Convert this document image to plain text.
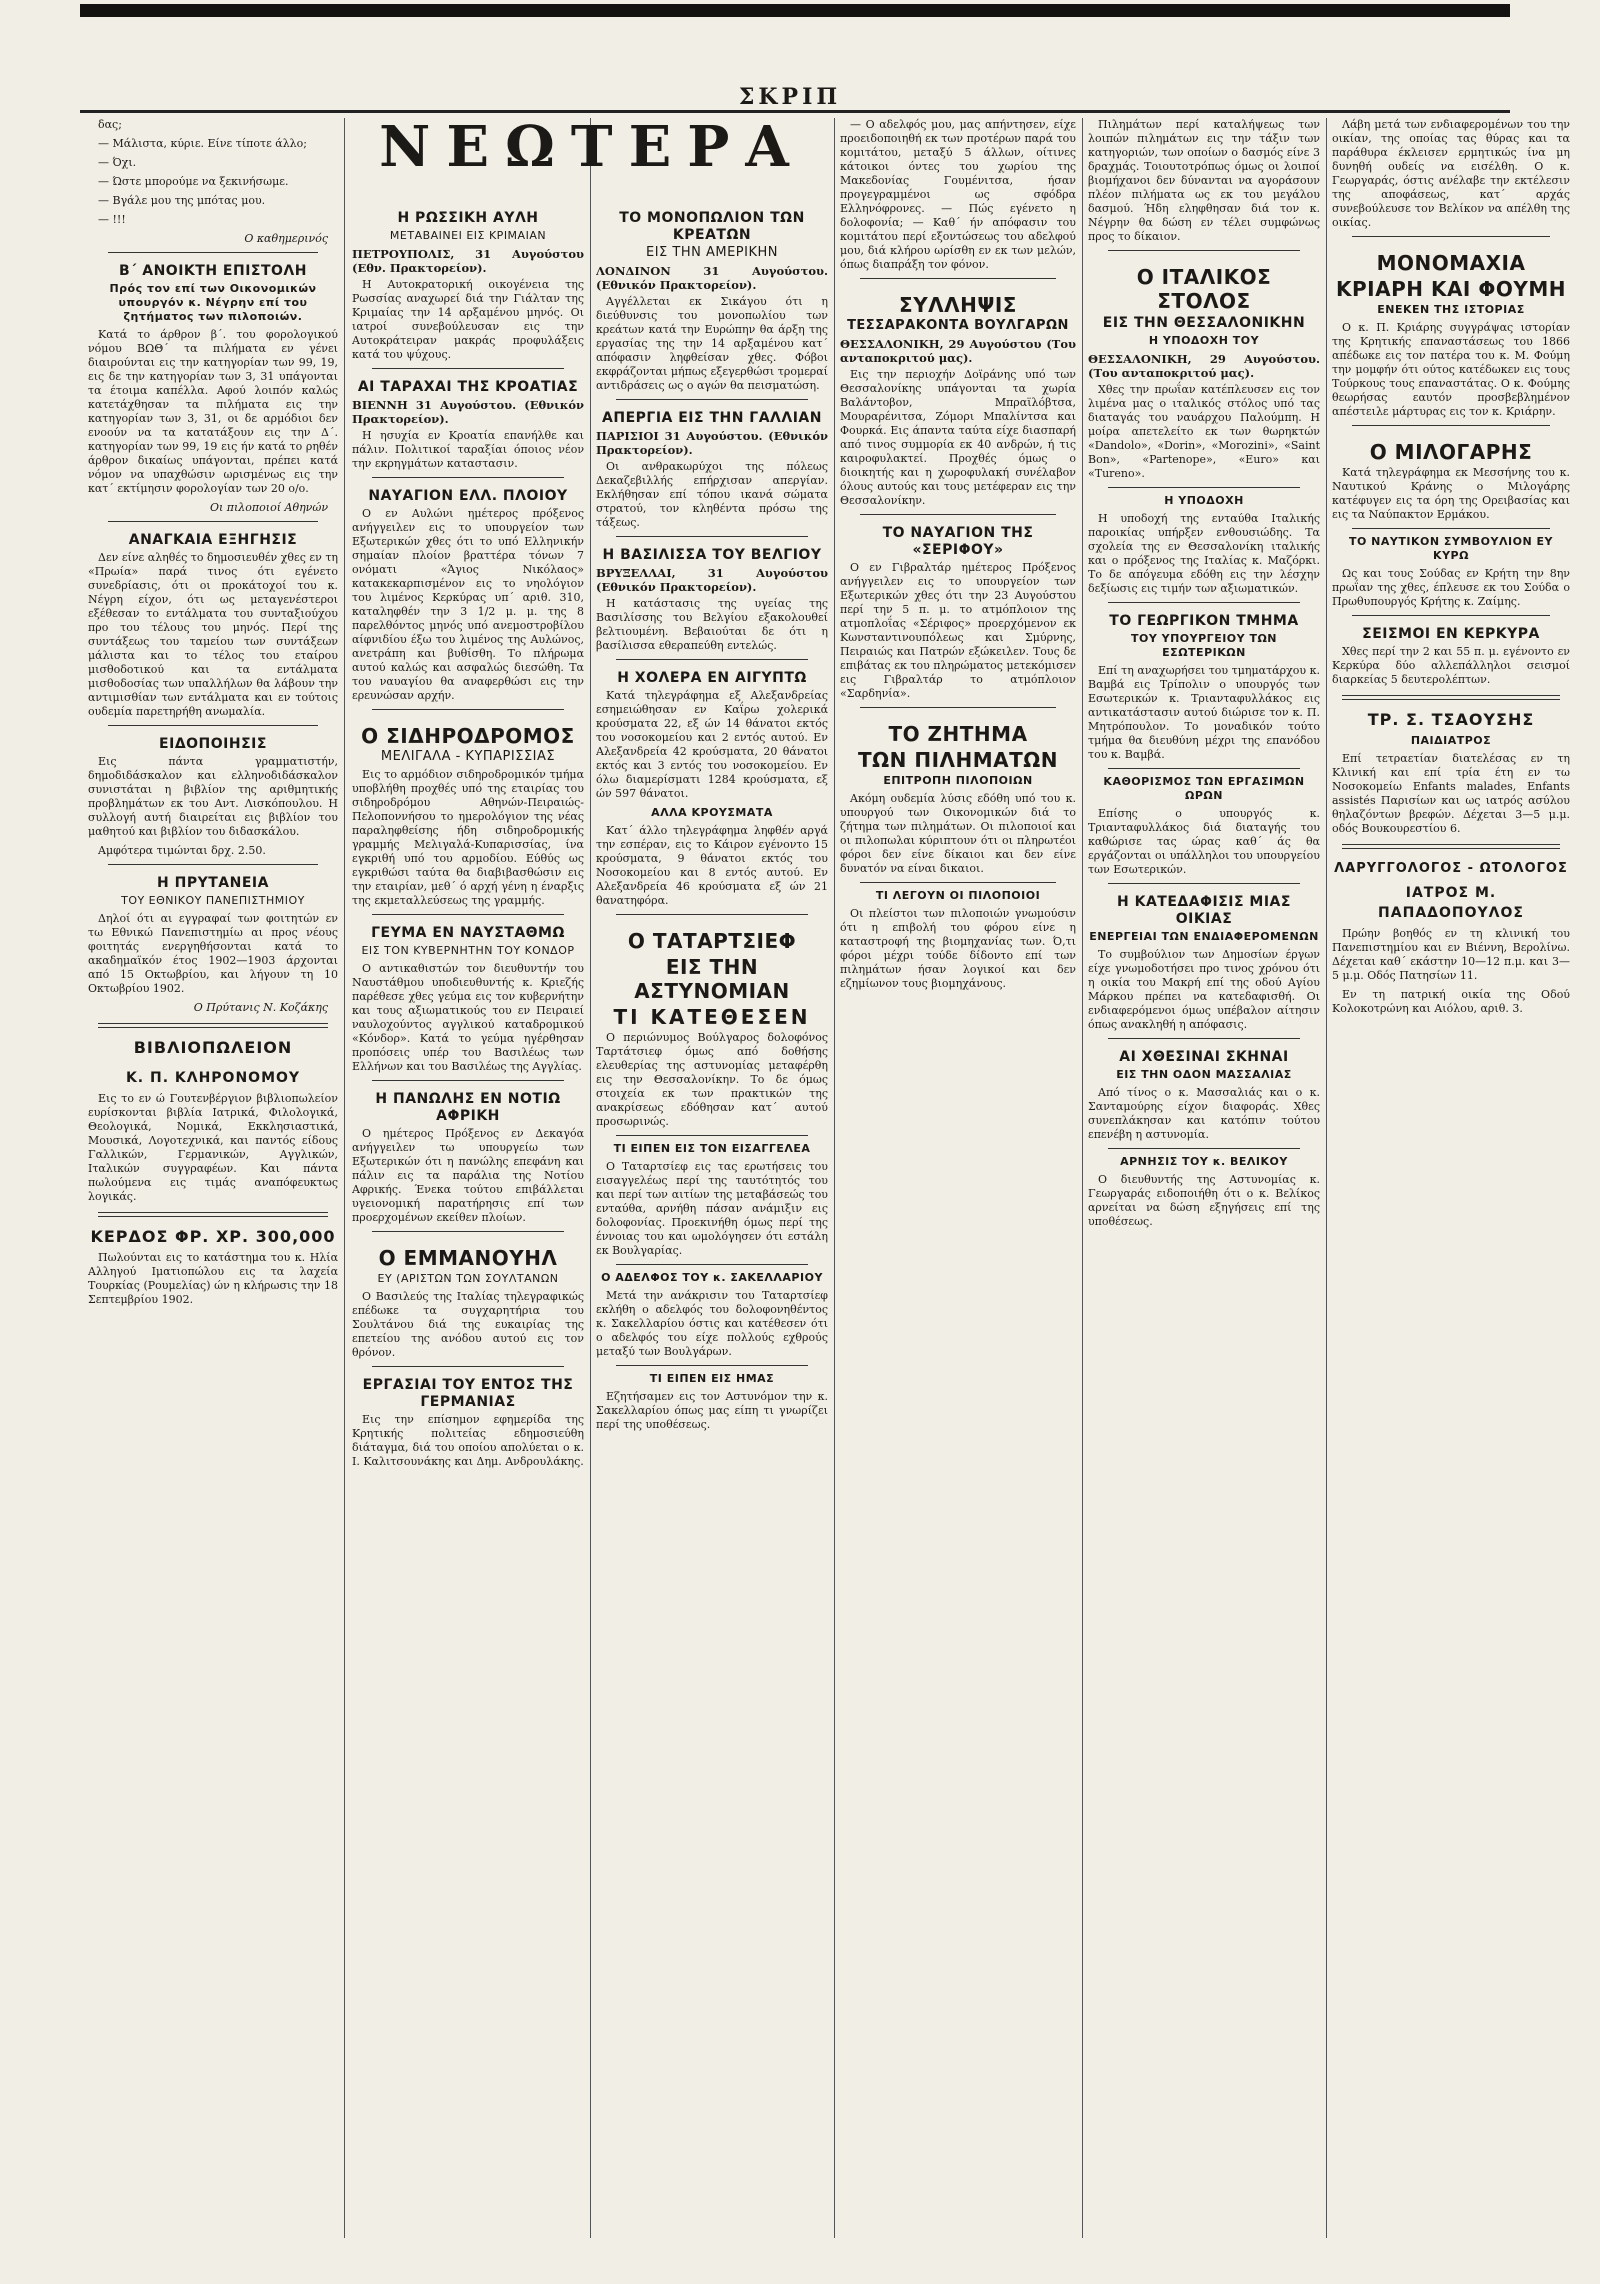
ΣΚΡΙΠ
ΝΕΩΤΕΡΑ

δας;

— Μάλιστα, κύριε. Είνε τίποτε άλλο;

— Όχι.

— Ώστε μπορούμε να ξεκινήσωμε.

— Βγάλε μου της μπότας μου.

— !!!

Ο καθημερινός
Β΄ ΑΝΟΙΚΤΗ ΕΠΙΣΤΟΛΗ
Πρός τον επί των Οικονομικών υπουργόν κ. Νέγρην επί του ζητήματος των πιλοποιών.

Κατά το άρθρον β΄. του φορολογικού νόμου ΒΩΘ΄ τα πιλήματα εν γένει διαιρούνται εις την κατηγορίαν των 99, 19, εις δε την κατηγορίαν των 3, 31 υπάγονται τα έτοιμα καπέλλα. Αφού λοιπόν καλώς κατετάχθησαν τα πιλήματα εις την κατηγορίαν των 3, 31, οι δε αρμόδιοι δεν ενοούν να τα κατατάξουν εις την Δ΄. κατηγορίαν των 99, 19 εις ήν κατά το ρηθέν άρθρον δικαίως υπάγονται, πρέπει κατά νόμον να υπαχθώσιν ωρισμένως εις την κατ΄ εκτίμησιν φορολογίαν των 20 ο/ο.

Οι πιλοποιοί Αθηνών
ΑΝΑΓΚΑΙΑ ΕΞΗΓΗΣΙΣ

Δεν είνε αληθές το δημοσιευθέν χθες εν τη «Πρωία» παρά τινος ότι εγένετο συνεδρίασις, ότι οι προκάτοχοί του κ. Νέγρη είχον, ότι ως μεταγενέστεροι εξέθεσαν το εντάλματα του συνταξιούχου προ του τέλους του μηνός. Περί της συντάξεως του ταμείου των συντάξεων μάλιστα και το τέλος του εταίρου μισθοδοτικού και τα εντάλματα μισθοδοσίας των υπαλλήλων θα λάβουν την αντιμισθίαν των εντάλματα και εν τούτοις ουδεμία παρετηρήθη ανωμαλία.

ΕΙΔΟΠΟΙΗΣΙΣ

Εις πάντα γραμματιστήν, δημοδιδάσκαλον και ελληνοδιδάσκαλον συνιστάται η βιβλίον της αριθμητικής προβλημάτων εκ του Αντ. Λισκόπουλου. Η συλλογή αυτή διαιρείται εις βιβλίον του μαθητού και βιβλίον του διδασκάλου.

Αμφότερα τιμώνται δρχ. 2.50.

Η ΠΡΥΤΑΝΕΙΑ
ΤΟΥ ΕΘΝΙΚΟΥ ΠΑΝΕΠΙΣΤΗΜΙΟΥ

Δηλοί ότι αι εγγραφαί των φοιτητών εν τω Εθνικώ Πανεπιστημίω αι προς νέους φοιτητάς ενεργηθήσονται κατά το ακαδημαϊκόν έτος 1902—1903 άρχονται από 15 Οκτωβρίου, και λήγουν τη 10 Οκτωβρίου 1902.

Ο Πρύτανις Ν. Κοζάκης
ΒΙΒΛΙΟΠΩΛΕΙΟΝ
Κ. Π. ΚΛΗΡΟΝΟΜΟΥ

Εις το εν ώ Γουτενβέργιον βιβλιοπωλείον ευρίσκονται βιβλία Ιατρικά, Φιλολογικά, Θεολογικά, Νομικά, Εκκλησιαστικά, Μουσικά, Λογοτεχνικά, και παντός είδους Γαλλικών, Γερμανικών, Αγγλικών, Ιταλικών συγγραφέων. Και πάντα πωλούμενα εις τιμάς αναπόφευκτως λογικάς.

ΚΕΡΔΟΣ ΦΡ. ΧΡ. 300,000

Πωλούνται εις το κατάστημα του κ. Ηλία Αλληγού Ιματιοπώλου εις τα λαχεία Τουρκίας (Ρουμελίας) ών η κλήρωσις την 18 Σεπτεμβρίου 1902.

Η ΡΩΣΣΙΚΗ ΑΥΛΗ
ΜΕΤΑΒΑΙΝΕΙ ΕΙΣ ΚΡΙΜΑΙΑΝ
ΠΕΤΡΟΥΠΟΛΙΣ, 31 Αυγούστου (Εθν. Πρακτορείον).

Η Αυτοκρατορική οικογένεια της Ρωσσίας αναχωρεί διά την Γιάλταν της Κριμαίας την 14 αρξαμένου μηνός. Οι ιατροί συνεβούλευσαν εις την Αυτοκράτειραν μακράς προφυλάξεις κατά του ψύχους.

ΑΙ ΤΑΡΑΧΑΙ ΤΗΣ ΚΡΟΑΤΙΑΣ
ΒΙΕΝΝΗ 31 Αυγούστου. (Εθνικόν Πρακτορείον).

Η ησυχία εν Κροατία επανήλθε και πάλιν. Πολιτικοί ταραξίαι όποιος νέον την εκρηγμάτων καταστασιν.

ΝΑΥΑΓΙΟΝ ΕΛΛ. ΠΛΟΙΟΥ

Ο εν Αυλώνι ημέτερος πρόξενος ανήγγειλεν εις το υπουργείον των Εξωτερικών χθες ότι το υπό Ελληνικήν σημαίαν πλοίον βραττέρα τόνων 7 ονόματι «Άγιος Νικόλαος» κατακεκαρπισμένον εις το νηολόγιον του λιμένος Κερκύρας υπ΄ αριθ. 310, καταληφθέν την 3 1/2 μ. μ. της 8 παρελθόντος μηνός υπό ανεμοστροβίλου αίφνιδίου έξω του λιμένος της Αυλώνος, ανετράπη και βυθίσθη. Το πλήρωμα αυτού καλώς και ασφαλώς διεσώθη. Τα του ναυαγίου θα αναφερθώσι εις την ερευνώσαν αρχήν.

Ο ΣΙΔΗΡΟΔΡΟΜΟΣ
ΜΕΛΙΓΑΛΑ - ΚΥΠΑΡΙΣΣΙΑΣ

Εις το αρμόδιον σιδηροδρομικόν τμήμα υποβλήθη προχθές υπό της εταιρίας του σιδηροδρόμου Αθηνών-Πειραιώς-Πελοποννήσου το ημερολόγιον της νέας παραληφθείσης ήδη σιδηροδρομικής γραμμής Μελιγαλά-Κυπαρισσίας, ίνα εγκριθή υπό του αρμοδίου. Εύθύς ως εγκριθώσι ταύτα θα διαβιβασθώσιν εις την εταιρίαν, μεθ΄ ό αρχή γένη η έναρξις της εκμεταλλεύσεως της γραμμής.

ΓΕΥΜΑ ΕΝ ΝΑΥΣΤΑΘΜΩ
ΕΙΣ ΤΟΝ ΚΥΒΕΡΝΗΤΗΝ ΤΟΥ ΚΟΝΔΟΡ

Ο αντικαθιστών τον διευθυντήν του Ναυστάθμου υποδιευθυντής κ. Κριεζής παρέθεσε χθες γεύμα εις τον κυβερνήτην και τους αξιωματικούς του εν Πειραιεί ναυλοχούντος αγγλικού καταδρομικού «Κόνδορ». Κατά το γεύμα ηγέρθησαν προπόσεις υπέρ του Βασιλέως των Ελλήνων και του Βασιλέως της Αγγλίας.

Η ΠΑΝΩΛΗΣ ΕΝ ΝΟΤΙΩ ΑΦΡΙΚΗ

Ο ημέτερος Πρόξενος εν Δεκαγόα ανήγγειλεν τω υπουργείω των Εξωτερικών ότι η πανώλης επεφάνη και πάλιν εις τα παράλια της Νοτίου Αφρικής. Ένεκα τούτου επιβάλλεται υγειονομική παρατήρησις επί των προερχομένων εκείθεν πλοίων.

Ο ΕΜΜΑΝΟΥΗΛ
ΕΥ (ΑΡΙΣΤΩΝ ΤΩΝ ΣΟΥΛΤΑΝΩΝ

Ο Βασιλεύς της Ιταλίας τηλεγραφικώς επέδωκε τα συγχαρητήρια του Σουλτάνου διά της ευκαιρίας της επετείου της ανόδου αυτού εις τον θρόνον.

ΕΡΓΑΣΙΑΙ ΤΟΥ ΕΝΤΟΣ ΤΗΣ ΓΕΡΜΑΝΙΑΣ

Εις την επίσημον εφημερίδα της Κρητικής πολιτείας εδημοσιεύθη διάταγμα, διά του οποίου απολύεται ο κ. Ι. Καλιτσουνάκης και Δημ. Ανδρουλάκης.

ΤΟ ΜΟΝΟΠΩΛΙΟΝ ΤΩΝ ΚΡΕΑΤΩΝ
ΕΙΣ ΤΗΝ ΑΜΕΡΙΚΗΝ
ΛΟΝΔΙΝΟΝ 31 Αυγούστου. (Εθνικόν Πρακτορείον).

Αγγέλλεται εκ Σικάγου ότι η διεύθυνσις του μονοπωλίου των κρεάτων κατά την Ευρώπην θα άρξη της εργασίας της την 14 αρξαμένου κατ΄ απόφασιν ληφθείσαν χθες. Φόβοι εκφράζονται μήπως εξεγερθώσι τρομεραί αντιδράσεις ως ο αγών θα πεισματώση.

ΑΠΕΡΓΙΑ ΕΙΣ ΤΗΝ ΓΑΛΛΙΑΝ
ΠΑΡΙΣΙΟΙ 31 Αυγούστου. (Εθνικόν Πρακτορείον).

Οι ανθρακωρύχοι της πόλεως Δεκαζεβιλλής επήρχισαν απεργίαν. Εκλήθησαν επί τόπου ικανά σώματα στρατού, τον κληθέντα πρόσω της τάξεως.

Η ΒΑΣΙΛΙΣΣΑ ΤΟΥ ΒΕΛΓΙΟΥ
ΒΡΥΞΕΛΛΑΙ, 31 Αυγούστου (Εθνικόν Πρακτορείον).

Η κατάστασις της υγείας της Βασιλίσσης του Βελγίου εξακολουθεί βελτιουμένη. Βεβαιούται δε ότι η βασίλισσα εθεραπεύθη εντελώς.

Η ΧΟΛΕΡΑ ΕΝ ΑΙΓΥΠΤΩ

Κατά τηλεγράφημα εξ Αλεξανδρείας εσημειώθησαν εν Καΐρω χολερικά κρούσματα 22, εξ ών 14 θάνατοι εκτός του νοσοκομείου και 2 εντός αυτού. Εν Αλεξανδρεία 42 κρούσματα, 20 θάνατοι εκτός και 3 εντός του νοσοκομείου. Εν όλω διαμερίσματι 1284 κρούσματα, εξ ών 597 θάνατοι.

ΑΛΛΑ ΚΡΟΥΣΜΑΤΑ

Κατ΄ άλλο τηλεγράφημα ληφθέν αργά την εσπέραν, εις το Κάιρον εγένοντο 15 κρούσματα, 9 θάνατοι εκτός του Νοσοκομείου και 8 εντός αυτού. Εν Αλεξανδρεία 46 κρούσματα εξ ών 21 θανατηφόρα.

Ο ΤΑΤΑΡΤΣΙΕΦ
ΕΙΣ ΤΗΝ ΑΣΤΥΝΟΜΙΑΝ
ΤΙ ΚΑΤΕΘΕΣΕΝ

Ο περιώνυμος Βούλγαρος δολοφόνος Ταρτάτσιεφ όμως από δοθήσης ελευθερίας της αστυνομίας μεταφέρθη εις την Θεσσαλονίκην. Το δε όμως στοιχεία εκ των πρακτικών της ανακρίσεως εδόθησαν κατ΄ αυτού προσωρινώς.

ΤΙ ΕΙΠΕΝ ΕΙΣ ΤΟΝ ΕΙΣΑΓΓΕΛΕΑ

Ο Ταταρτσίεφ εις τας ερωτήσεις του εισαγγελέως περί της ταυτότητός του και περί των αιτίων της μεταβάσεώς του ενταύθα, αρνήθη πάσαν ανάμιξιν εις δολοφονίας. Προεκινήθη όμως περί της έννοιας του και ωμολόγησεν ότι εστάλη εκ Βουλγαρίας.

Ο ΑΔΕΛΦΟΣ ΤΟΥ κ. ΣΑΚΕΛΛΑΡΙΟΥ

Μετά την ανάκρισιν του Ταταρτσίεφ εκλήθη ο αδελφός του δολοφονηθέντος κ. Σακελλαρίου όστις και κατέθεσεν ότι ο αδελφός του είχε πολλούς εχθρούς μεταξύ των Βουλγάρων.

ΤΙ ΕΙΠΕΝ ΕΙΣ ΗΜΑΣ

Εζητήσαμεν εις τον Αστυνόμον την κ. Σακελλαρίου όπως μας είπη τι γνωρίζει περί της υποθέσεως.

— Ο αδελφός μου, μας απήντησεν, είχε προειδοποιηθή εκ των προτέρων παρά του κομιτάτου, μεταξύ 5 άλλων, οίτινες κάτοικοι όντες του χωρίου της Μακεδονίας Γουμένιτσα, ήσαν προγεγραμμένοι ως σφόδρα Ελληνόφρονες. — Πώς εγένετο η δολοφονία; — Καθ΄ ήν απόφασιν του κομιτάτου περί εξοντώσεως του αδελφού μου, διά κλήρου ωρίσθη εν εκ των μελών, όπως διαπράξη τον φόνον.

ΣΥΛΛΗΨΙΣ
ΤΕΣΣΑΡΑΚΟΝΤΑ ΒΟΥΛΓΑΡΩΝ
ΘΕΣΣΑΛΟΝΙΚΗ, 29 Αυγούστου (Του ανταποκριτού μας).

Εις την περιοχήν Δοϊράνης υπό των Θεσσαλονίκης υπάγονται τα χωρία Βαλάντοβον, Μπραϊλόβτσα, Μουραρένιτσα, Ζόμορι Μπαλίντσα και Φουρκά. Εις άπαντα ταύτα είχε διασπαρή από τινος συμμορία εκ 40 ανδρών, ή τις καιροφυλακτεί. Προχθές όμως ο διοικητής και η χωροφυλακή συνέλαβον όλους αυτούς και τους μετέφεραν εις την Θεσσαλονίκην.

ΤΟ ΝΑΥΑΓΙΟΝ ΤΗΣ «ΣΕΡΙΦΟΥ»

Ο εν Γιβραλτάρ ημέτερος Πρόξενος ανήγγειλεν εις το υπουργείον των Εξωτερικών χθες ότι την 23 Αυγούστου περί την 5 π. μ. το ατμόπλοιον της ατμοπλοΐας «Σέριφος» προερχόμενον εκ Κωνσταντινουπόλεως και Σμύρνης, Πειραιώς και Πατρών εξώκειλεν. Τους δε επιβάτας εκ του πληρώματος μετεκόμισεν εις Γιβραλτάρ το ατμόπλοιον «Σαρδηνία».

ΤΟ ΖΗΤΗΜΑ
ΤΩΝ ΠΙΛΗΜΑΤΩΝ
ΕΠΙΤΡΟΠΗ ΠΙΛΟΠΟΙΩΝ

Ακόμη ουδεμία λύσις εδόθη υπό του κ. υπουργού των Οικονομικών διά το ζήτημα των πιλημάτων. Οι πιλοποιοί και οι πιλοπωλαι κύριπτουν ότι οι πληρωτέοι φόροι δεν είνε δίκαιοι και δεν είνε δυνατόν να είναι δικαιοι.

ΤΙ ΛΕΓΟΥΝ ΟΙ ΠΙΛΟΠΟΙΟΙ

Οι πλείστοι των πιλοποιών γνωμούσιν ότι η επιβολή του φόρου είνε η καταστροφή της βιομηχανίας των. Ό,τι φόροι μέχρι τούδε δίδοντο επί των πιλημάτων ήσαν λογικοί και δεν εζημίωνον τους βιομηχάνους.

Πιλημάτων περί καταλήψεως των λοιπών πιλημάτων εις την τάξιν των κατηγοριών, των οποίων ο δασμός είνε 3 δραχμάς. Τοιουτοτρόπως όμως οι λοιποί βιομήχανοι δεν δύνανται να αγοράσουν πλέον πιλήματα ως εκ του μεγάλου δασμού. Ήδη εληφθησαν διά τον κ. Νέγρην θα δώση εν τέλει συμφώνως προς το δίκαιον.

Ο ΙΤΑΛΙΚΟΣ ΣΤΟΛΟΣ
ΕΙΣ ΤΗΝ ΘΕΣΣΑΛΟΝΙΚΗΝ
Η ΥΠΟΔΟΧΗ ΤΟΥ
ΘΕΣΣΑΛΟΝΙΚΗ, 29 Αυγούστου. (Του ανταποκριτού μας).

Χθες την πρωΐαν κατέπλευσεν εις τον λιμένα μας ο ιταλικός στόλος υπό τας διαταγάς του ναυάρχου Παλούμπη. Η μοίρα απετελείτο εκ των θωρηκτών «Dandolo», «Dorin», «Morozini», «Saint Bon», «Partenope», «Euro» και «Tureno».

Η ΥΠΟΔΟΧΗ

Η υποδοχή της ενταύθα Ιταλικής παροικίας υπήρξεν ενθουσιώδης. Τα σχολεία της εν Θεσσαλονίκη ιταλικής και ο πρόξενος της Ιταλίας κ. Μαζόρκι. Το δε απόγευμα εδόθη εις την λέσχην δεξίωσις εις τιμήν των αξιωματικών.

ΤΟ ΓΕΩΡΓΙΚΟΝ ΤΜΗΜΑ
ΤΟΥ ΥΠΟΥΡΓΕΙΟΥ ΤΩΝ ΕΣΩΤΕΡΙΚΩΝ

Επί τη αναχωρήσει του τμηματάρχου κ. Βαμβά εις Τρίπολιν ο υπουργός των Εσωτερικών κ. Τριανταφυλλάκος εις αντικατάστασιν αυτού διώρισε τον κ. Π. Μητρόπουλον. Το μοναδικόν τούτο τμήμα θα διευθύνη μέχρι της επανόδου του κ. Βαμβά.

ΚΑΘΟΡΙΣΜΟΣ ΤΩΝ ΕΡΓΑΣΙΜΩΝ ΩΡΩΝ

Επίσης ο υπουργός κ. Τριανταφυλλάκος διά διαταγής του καθώρισε τας ώρας καθ΄ άς θα εργάζονται οι υπάλληλοι του υπουργείου των Εσωτερικών.

Η ΚΑΤΕΔΑΦΙΣΙΣ ΜΙΑΣ ΟΙΚΙΑΣ
ΕΝΕΡΓΕΙΑΙ ΤΩΝ ΕΝΔΙΑΦΕΡΟΜΕΝΩΝ

Το συμβούλιον των Δημοσίων έργων είχε γνωμοδοτήσει προ τινος χρόνου ότι η οικία του Μακρή επί της οδού Αγίου Μάρκου πρέπει να κατεδαφισθή. Οι ενδιαφερόμενοι όμως υπέβαλον αίτησιν όπως ανακληθή η απόφασις.

ΑΙ ΧΘΕΣΙΝΑΙ ΣΚΗΝΑΙ
ΕΙΣ ΤΗΝ ΟΔΟΝ ΜΑΣΣΑΛΙΑΣ

Από τίνος ο κ. Μασσαλιάς και ο κ. Σανταμούρης είχον διαφοράς. Χθες συνεπλάκησαν και κατόπιν τούτου επενέβη η αστυνομία.

ΑΡΝΗΣΙΣ ΤΟΥ κ. ΒΕΛΙΚΟΥ

Ο διευθυντής της Αστυνομίας κ. Γεωργαράς ειδοποιήθη ότι ο κ. Βελίκος αρνείται να δώση εξηγήσεις επί της υποθέσεως.

Λάβη μετά των ενδιαφερομένων του την οικίαν, της οποίας τας θύρας και τα παράθυρα έκλεισεν ερμητικώς ίνα μη δυνηθή ουδείς να εισέλθη. Ο κ. Γεωργαράς, όστις ανέλαβε την εκτέλεσιν της αποφάσεως, κατ΄ αρχάς συνεβούλευσε τον Βελίκον να απέλθη της οικίας.

ΜΟΝΟΜΑΧΙΑ
ΚΡΙΑΡΗ ΚΑΙ ΦΟΥΜΗ
ΕΝΕΚΕΝ ΤΗΣ ΙΣΤΟΡΙΑΣ

Ο κ. Π. Κριάρης συγγράψας ιστορίαν της Κρητικής επαναστάσεως του 1866 απέδωκε εις τον πατέρα του κ. Μ. Φούμη την μομφήν ότι ούτος κατέδωκεν εις τους Τούρκους τους επαναστάτας. Ο κ. Φούμης θεωρήσας εαυτόν προσβεβλημένον απέστειλε μάρτυρας εις τον κ. Κριάρην.

Ο ΜΙΛΟΓΑΡΗΣ

Κατά τηλεγράφημα εκ Μεσσήνης του κ. Ναυτικού Κράνης ο Μιλογάρης κατέφυγεν εις τα όρη της Ορειβασίας και εις τα Ναύπακτον Ερμάκου.

ΤΟ ΝΑΥΤΙΚΟΝ ΣΥΜΒΟΥΛΙΟΝ ΕΥ ΚΥΡΩ

Ως και τους Σούδας εν Κρήτη την 8ην πρωΐαν της χθες, έπλευσε εκ του Σούδα ο Πρωθυπουργός Κρήτης κ. Ζαίμης.

ΣΕΙΣΜΟΙ ΕΝ ΚΕΡΚΥΡΑ

Χθες περί την 2 και 55 π. μ. εγένοντο εν Κερκύρα δύο αλλεπάλληλοι σεισμοί διαρκείας 5 δευτερολέπτων.

ΤΡ. Σ. ΤΣΑΟΥΣΗΣ
ΠΑΙΔΙΑΤΡΟΣ

Επί τετραετίαν διατελέσας εν τη Κλινική και επί τρία έτη εν τω Νοσοκομείω Enfants malades, Enfants assistés Παρισίων και ως ιατρός ασύλου θηλαζόντων βρεφών. Δέχεται 3—5 μ.μ. οδός Βουκουρεστίου 6.

ΛΑΡΥΓΓΟΛΟΓΟΣ - ΩΤΟΛΟΓΟΣ
ΙΑΤΡΟΣ Μ. ΠΑΠΑΔΟΠΟΥΛΟΣ

Πρώην βοηθός εν τη κλινική του Πανεπιστημίου και εν Βιέννη, Βερολίνω. Δέχεται καθ΄ εκάστην 10—12 π.μ. και 3—5 μ.μ. Οδός Πατησίων 11.

Εν τη πατρική οικία της Οδού Κολοκοτρώνη και Αιόλου, αριθ. 3.
